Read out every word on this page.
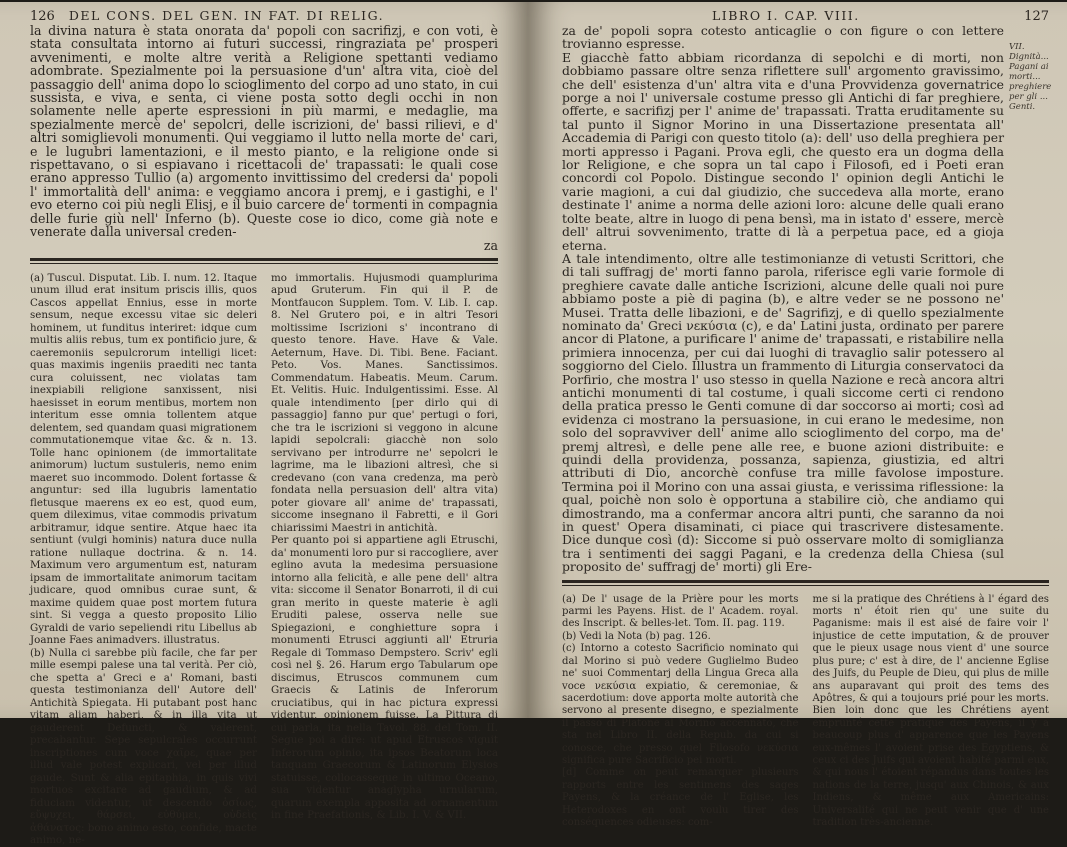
126 DEL CONS. DEL GEN. IN FAT. DI RELIG.

la divina natura è stata onorata da' popoli con sacrifizj, e con voti, è stata consultata intorno ai futuri successi, ringraziata pe' prosperi avvenimenti, e molte altre verità a Religione spettanti vediamo adombrate. Spezialmente poi la persuasione d'un' altra vita, cioè del passaggio dell' anima dopo lo scioglimento del corpo ad uno stato, in cui sussista, e viva, e senta, ci viene posta sotto degli occhi in non solamente nelle aperte espressioni in più marmi, e medaglie, ma spezialmente mercè de' sepolcri, delle iscrizioni, de' bassi rilievi, e d' altri somiglievoli monumenti. Qui veggiamo il lutto nella morte de' cari, e le lugubri lamentazioni, e il mesto pianto, e la religione onde si rispettavano, o si espiavano i ricettacoli de' trapassati: le quali cose erano appresso Tullio (a) argomento invittissimo del credersi da' popoli l' immortalità dell' anima: e veggiamo ancora i premj, e i gastighi, e l' evo eterno coi più negli Elisj, e il buio carcere de' tormenti in compagnia delle furie giù nell' Inferno (b). Queste cose io dico, come già note e venerate dalla universal creden-

za

(a) Tuscul. Disputat. Lib. I. num. 12. Itaque unum illud erat insitum priscis illis, quos Cascos appellat Ennius, esse in morte sensum, neque excessu vitae sic deleri hominem, ut funditus interiret: idque cum multis aliis rebus, tum ex pontificio jure, & caeremoniis sepulcrorum intelligi licet: quas maximis ingeniis praediti nec tanta cura coluissent, nec violatas tam inexpiabili religione sanxissent, nisi haesisset in eorum mentibus, mortem non interitum esse omnia tollentem atque delentem, sed quandam quasi migrationem commutationemque vitae &c. & n. 13. Tolle hanc opinionem (de immortalitate animorum) luctum sustuleris, nemo enim maeret suo incommodo. Dolent fortasse & anguntur: sed illa lugubris lamentatio fletusque maerens ex eo est, quod eum, quem dileximus, vitae commodis privatum arbitramur, idque sentire. Atque haec ita sentiunt (vulgi hominis) natura duce nulla ratione nullaque doctrina. & n. 14. Maximum vero argumentum est, naturam ipsam de immortalitate animorum tacitam judicare, quod omnibus curae sunt, & maxime quidem quae post mortem futura sint. Si vegga a questo proposito Lilio Gyraldi de vario sepeliendi ritu Libellus ab Joanne Faes animadvers. illustratus.
(b) Nulla ci sarebbe più facile, che far per mille esempi palese una tal verità. Per ciò, che spetta a' Greci e a' Romani, basti questa testimonianza dell' Autore dell' Antichità Spiegata. Hi putabant post hanc vitam aliam haberi, & in illa vita ut gauderent Defuncti, & valerent, precabantur. Sepe sepulcrales occurrunt inscriptiones cum voce χαῖρε, quae per illud vale potest explicari, vel per illud gaude. Sunt & alia epitaphia, in quis vivi mortuos excitare ad gaudium, & ad fiduciam videntur, ut descendo ὁσίως, εὔψυχει, θάρσει, εὐθύμει, οὐδεὶς ἀθάνατος: bono animo esto, confide, macte animo, ne-

mo immortalis. Hujusmodi quamplurima apud Gruterum. Fin qui il P. de Montfaucon Supplem. Tom. V. Lib. I. cap. 8. Nel Grutero poi, e in altri Tesori moltissime Iscrizioni s' incontrano di questo tenore. Have. Have & Vale. Aeternum, Have. Di. Tibi. Bene. Faciant. Peto. Vos. Manes. Sanctissimos. Commendatum. Habeatis. Meum. Carum. Et. Velitis. Huic. Indulgentissimi. Esse. Al quale intendimento [per dirlo qui di passaggio] fanno pur que' pertugi o fori, che tra le iscrizioni si veggono in alcune lapidi sepolcrali: giacchè non solo servivano per introdurre ne' sepolcri le lagrime, ma le libazioni altresì, che si credevano (con vana credenza, ma però fondata nella persuasion dell' altra vita) poter giovare all' anime de' trapassati, siccome insegnano il Fabretti, e il Gori chiarissimi Maestri in antichità.
Per quanto poi si appartiene agli Etruschi, da' monumenti loro pur si raccogliere, aver eglino avuta la medesima persuasione intorno alla felicità, e alle pene dell' altra vita: siccome il Senator Bonarroti, il di cui gran merito in queste materie è agli Eruditi palese, osserva nelle sue Spiegazioni, e conghietture sopra i monumenti Etrusci aggiunti all' Etruria Regale di Tommaso Dempstero. Scriv' egli così nel §. 26. Harum ergo Tabularum ope discimus, Etruscos communem cum Graecis & Latinis de Inferorum cruciatibus, qui in hac pictura expressi videntur, opinionem fuisse. La Pittura di cui parla, ita nella Tavol. 88. del Tom. II. Segue poi a dire: ut apud Etruscos viguit Inferorum opinio, ita ipsos Beatorum loca tanquam Graecorum & Latinorum Elysios statuisse, collocasseque in ultimo Oceano, sua videntur anaglypha urnularum, quarum exempla apposita ad ornamentum in fine Praefationis, & Lib. I. V. & VII.

LIBRO I. CAP. VIII.	127

za de' popoli sopra cotesto anticaglie o con figure o con lettere trovianno espresse.
E giacchè fatto abbiam ricordanza di sepolchi e di morti, non dobbiamo passare oltre senza riflettere sull' argomento gravissimo, che dell' esistenza d'un' altra vita e d'una Provvidenza governatrice porge a noi l' universale costume presso gli Antichi di far preghiere, offerte, e sacrifizj per l' anime de' trapassati. Tratta eruditamente su tal punto il Signor Morino in una Dissertazione presentata all' Accademia di Parigi con questo titolo (a): dell' uso della preghiera per morti appresso i Pagani. Prova egli, che questo era un dogma della lor Religione, e che sopra un tal capo i Filosofi, ed i Poeti eran concordi col Popolo. Distingue secondo l' opinion degli Antichi le varie magioni, a cui dal giudizio, che succedeva alla morte, erano destinate l' anime a norma delle azioni loro: alcune delle quali erano tolte beate, altre in luogo di pena bensì, ma in istato d' essere, mercè dell' altrui sovvenimento, tratte di là a perpetua pace, ed a gioja eterna.
A tale intendimento, oltre alle testimonianze di vetusti Scrittori, che di tali suffragj de' morti fanno parola, riferisce egli varie formole di preghiere cavate dalle antiche Iscrizioni, alcune delle quali noi pure abbiamo poste a piè di pagina (b), e altre veder se ne possono ne' Musei. Tratta delle libazioni, e de' Sagrifizj, e di quello spezialmente nominato da' Greci νεκύσια (c), e da' Latini justa, ordinato per parere ancor di Platone, a purificare l' anime de' trapassati, e ristabilire nella primiera innocenza, per cui dai luoghi di travaglio salir potessero al soggiorno del Cielo. Illustra un frammento di Liturgia conservatoci da Porfirio, che mostra l' uso stesso in quella Nazione e recà ancora altri antichi monumenti di tal costume, i quali siccome certi ci rendono della pratica presso le Genti comune di dar soccorso ai morti; così ad evidenza ci mostrano la persuasione, in cui erano le medesime, non solo del sopravviver dell' anime allo scioglimento del corpo, ma de' premj altresì, e delle pene alle ree, e buone azioni distribuite: e quindi della providenza, possanza, sapienza, giustizia, ed altri attributi di Dio, ancorchè confuse tra mille favolose imposture. Termina poi il Morino con una assai giusta, e verissima riflessione: la qual, poichè non solo è opportuna a stabilire ciò, che andiamo qui dimostrando, ma a confermar ancora altri punti, che saranno da noi in quest' Opera disaminati, ci piace qui trascrivere distesamente. Dice dunque così (d): Siccome si può osservare molto di somiglianza tra i sentimenti dei saggi Pagani, e la credenza della Chiesa (sul proposito de' suffragj de' morti) gli Ere-

VII. Dignità... Pagani ai morti... preghiere per gli ... Genti.

(a) De l' usage de la Prière pour les morts parmi les Payens. Hist. de l' Academ. royal. des Inscript. & belles-let. Tom. II. pag. 119.
(b) Vedi la Nota (b) pag. 126.
(c) Intorno a cotesto Sacrificio nominato qui dal Morino si può vedere Guglielmo Budeo ne' suoi Commentarj della Lingua Greca alla voce νεκύσια expiatio, & ceremoniae, & sacerdotium: dove apporta molte autorità che servono al presente disegno, e spezialmente il passo di Platone al Morino accennato, che sta nel Libro II. della Repub. da cui si conosce, che presso quel Filosofo νεκύσια significa pure Sacrificio pei morti.
[d] Comme on peut remarquer plusieurs rapports entre les sentimens des sages Payens, & la créance de l' Eglise, les Heterodoxes en ont voulu tirer des conséquences odieuses: com-

me si la pratique des Chrétiens à l' égard des morts n' étoit rien qu' une suite du Paganisme: mais il est aisé de faire voir l' injustice de cette imputation, & de prouver que le pieux usage nous vient d' une source plus pure; c' est à dire, de l' ancienne Eglise des Juifs, du Peuple de Dieu, qui plus de mille ans auparavant qui proit des tems des Apôtres, & qui a toujours prié pour les morts. Bien loin donc que les Chrétiens ayent emprunté cette pratique des Payens, il y a beaucoup plus d' apparence que les Payens eux-mêmes l' avoient prise des Egyptiens, & ceux ci des Juifs qui avoient habité parmi eux, & qui nous l' étoient répandus dans toutes les nations de la terre, jusqu' aux Chinois, & aux Indiens, & même aux Americains: Universalité qui ne peut venir que d' une tradition très-ancienne.
